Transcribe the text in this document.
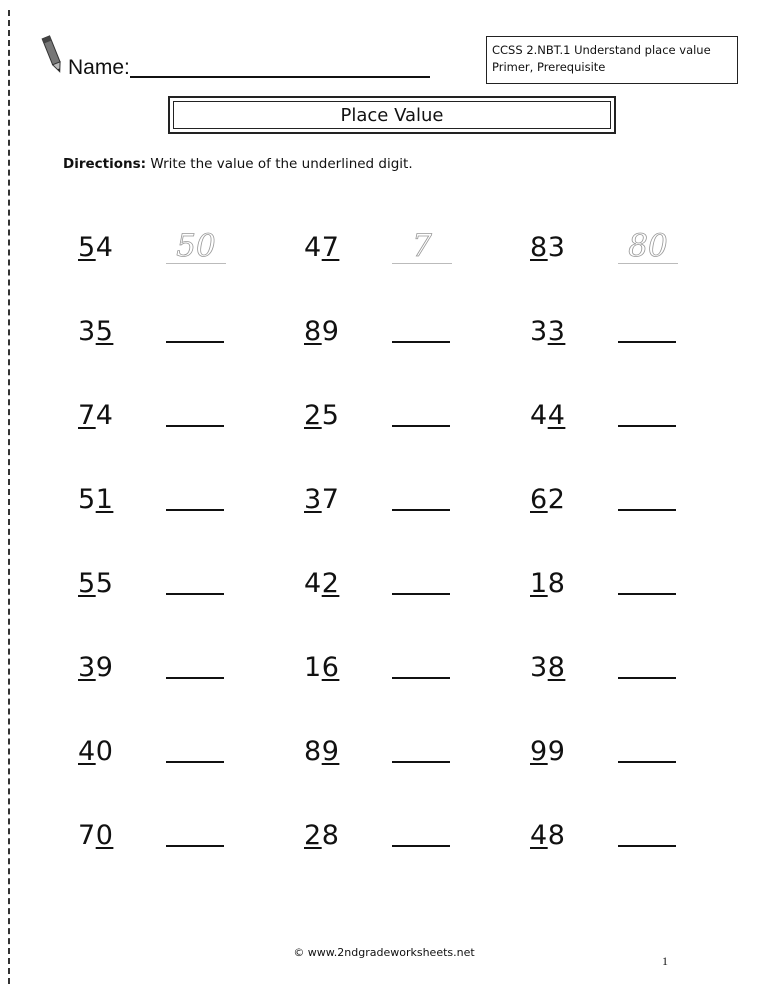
Name:
CCSS 2.NBT.1 Understand place value
Primer, Prerequisite
Place Value
Directions: Write the value of the underlined digit.
54	50	47	7	83	80
35	89	33
74	25	44
51	37	62
55	42	18
39	16	38
40	89	99
70	28	48
© www.2ndgradeworksheets.net
1
